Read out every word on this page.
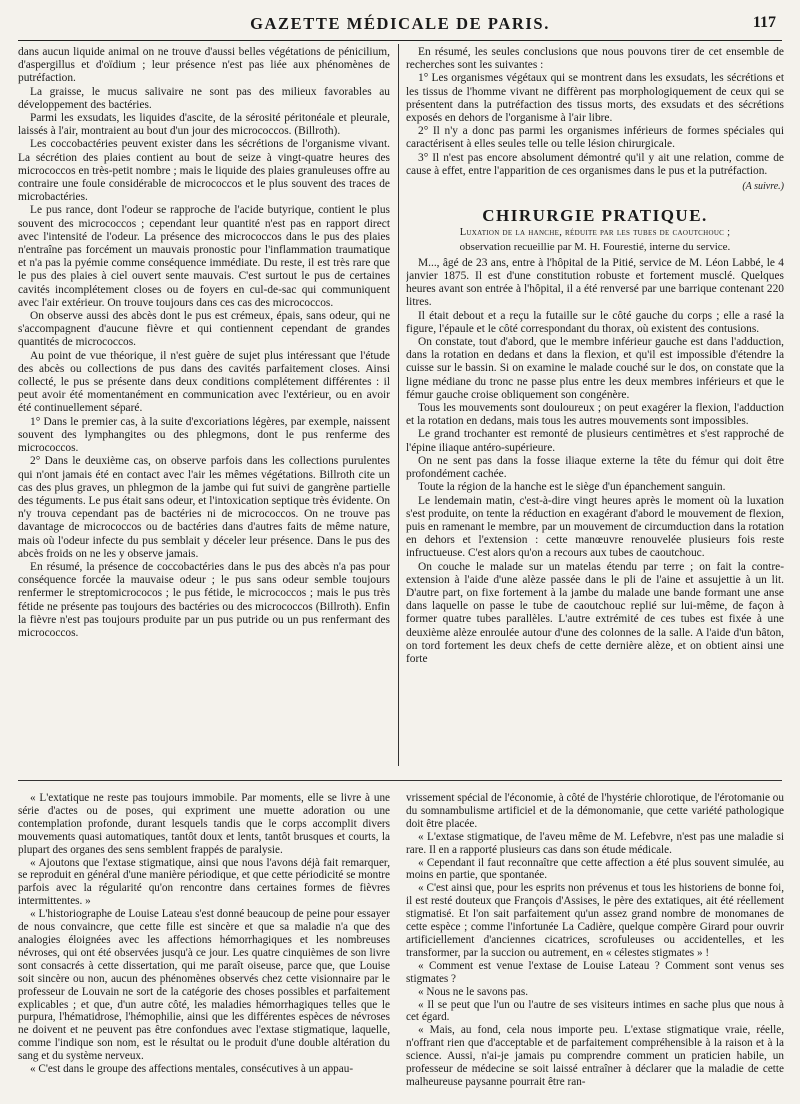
GAZETTE MÉDICALE DE PARIS.	117

dans aucun liquide animal on ne trouve d'aussi belles végétations de pénicilium, d'aspergillus et d'oïdium ; leur présence n'est pas liée aux phénomènes de putréfaction.

La graisse, le mucus salivaire ne sont pas des milieux favorables au développement des bactéries.

Parmi les exsudats, les liquides d'ascite, de la sérosité péritonéale et pleurale, laissés à l'air, montraient au bout d'un jour des micrococcos. (Billroth).

Les coccobactéries peuvent exister dans les sécrétions de l'organisme vivant. La sécrétion des plaies contient au bout de seize à vingt-quatre heures des micrococcos en très-petit nombre ; mais le liquide des plaies granuleuses offre au contraire une foule considérable de micrococcos et le plus souvent des traces de microbactéries.

Le pus rance, dont l'odeur se rapproche de l'acide butyrique, contient le plus souvent des micrococcos ; cependant leur quantité n'est pas en rapport direct avec l'intensité de l'odeur. La présence des micrococcos dans le pus des plaies n'entraîne pas forcément un mauvais pronostic pour l'inflammation traumatique et n'a pas la pyémie comme conséquence immédiate. Du reste, il est très rare que le pus des plaies à ciel ouvert sente mauvais. C'est surtout le pus de certaines cavités incomplétement closes ou de foyers en cul-de-sac qui communiquent avec l'air extérieur. On trouve toujours dans ces cas des micrococcos.

On observe aussi des abcès dont le pus est crémeux, épais, sans odeur, qui ne s'accompagnent d'aucune fièvre et qui contiennent cependant de grandes quantités de micrococcos.

Au point de vue théorique, il n'est guère de sujet plus intéressant que l'étude des abcès ou collections de pus dans des cavités parfaitement closes. Ainsi collecté, le pus se présente dans deux conditions complétement différentes : il peut avoir été momentanément en communication avec l'extérieur, ou en avoir été continuellement séparé.

1° Dans le premier cas, à la suite d'excoriations légères, par exemple, naissent souvent des lymphangites ou des phlegmons, dont le pus renferme des micrococcos.

2° Dans le deuxième cas, on observe parfois dans les collections purulentes qui n'ont jamais été en contact avec l'air les mêmes végétations. Billroth cite un cas des plus graves, un phlegmon de la jambe qui fut suivi de gangrène partielle des téguments. Le pus était sans odeur, et l'intoxication septique très évidente. On n'y trouva cependant pas de bactéries ni de micrococcos. On ne trouve pas davantage de micrococcos ou de bactéries dans d'autres faits de même nature, mais où l'odeur infecte du pus semblait y déceler leur présence. Dans le pus des abcès froids on ne les y observe jamais.

En résumé, la présence de coccobactéries dans le pus des abcès n'a pas pour conséquence forcée la mauvaise odeur ; le pus sans odeur semble toujours renfermer le streptomicrococos ; le pus fétide, le micrococcos ; mais le pus très fétide ne présente pas toujours des bactéries ou des micrococcos (Billroth). Enfin la fièvre n'est pas toujours produite par un pus putride ou un pus renfermant des micrococcos.

En résumé, les seules conclusions que nous pouvons tirer de cet ensemble de recherches sont les suivantes :

1° Les organismes végétaux qui se montrent dans les exsudats, les sécrétions et les tissus de l'homme vivant ne diffèrent pas morphologiquement de ceux qui se présentent dans la putréfaction des tissus morts, des exsudats et des sécrétions exposés en dehors de l'organisme à l'air libre.

2° Il n'y a donc pas parmi les organismes inférieurs de formes spéciales qui caractérisent à elles seules telle ou telle lésion chirurgicale.

3° Il n'est pas encore absolument démontré qu'il y ait une relation, comme de cause à effet, entre l'apparition de ces organismes dans le pus et la putréfaction.

(A suivre.)
CHIRURGIE PRATIQUE.
Luxation de la hanche, réduite par les tubes de caoutchouc ;
observation recueillie par M. H. Fourestié, interne du service.

M..., âgé de 23 ans, entre à l'hôpital de la Pitié, service de M. Léon Labbé, le 4 janvier 1875. Il est d'une constitution robuste et fortement musclé. Quelques heures avant son entrée à l'hôpital, il a été renversé par une barrique contenant 220 litres.

Il était debout et a reçu la futaille sur le côté gauche du corps ; elle a rasé la figure, l'épaule et le côté correspondant du thorax, où existent des contusions.

On constate, tout d'abord, que le membre inférieur gauche est dans l'adduction, dans la rotation en dedans et dans la flexion, et qu'il est impossible d'étendre la cuisse sur le bassin. Si on examine le malade couché sur le dos, on constate que la ligne médiane du tronc ne passe plus entre les deux membres inférieurs et que le fémur gauche croise obliquement son congénère.

Tous les mouvements sont douloureux ; on peut exagérer la flexion, l'adduction et la rotation en dedans, mais tous les autres mouvements sont impossibles.

Le grand trochanter est remonté de plusieurs centimètres et s'est rapproché de l'épine iliaque antéro-supérieure.

On ne sent pas dans la fosse iliaque externe la tête du fémur qui doit être profondément cachée.

Toute la région de la hanche est le siège d'un épanchement sanguin.

Le lendemain matin, c'est-à-dire vingt heures après le moment où la luxation s'est produite, on tente la réduction en exagérant d'abord le mouvement de flexion, puis en ramenant le membre, par un mouvement de circumduction dans la rotation en dehors et l'extension : cette manœuvre renouvelée plusieurs fois reste infructueuse. C'est alors qu'on a recours aux tubes de caoutchouc.

On couche le malade sur un matelas étendu par terre ; on fait la contre-extension à l'aide d'une alèze passée dans le pli de l'aine et assujettie à un lit. D'autre part, on fixe fortement à la jambe du malade une bande formant une anse dans laquelle on passe le tube de caoutchouc replié sur lui-même, de façon à former quatre tubes parallèles. L'autre extrémité de ces tubes est fixée à une deuxième alèze enroulée autour d'une des colonnes de la salle. A l'aide d'un bâton, on tord fortement les deux chefs de cette dernière alèze, et on obtient ainsi une forte

« L'extatique ne reste pas toujours immobile. Par moments, elle se livre à une série d'actes ou de poses, qui expriment une muette adoration ou une contemplation profonde, durant lesquels tandis que le corps accomplit divers mouvements quasi automatiques, tantôt doux et lents, tantôt brusques et courts, la plupart des organes des sens semblent frappés de paralysie.

« Ajoutons que l'extase stigmatique, ainsi que nous l'avons déjà fait remarquer, se reproduit en général d'une manière périodique, et que cette périodicité se montre parfois avec la régularité qu'on rencontre dans certaines formes de fièvres intermittentes. »

« L'historiographe de Louise Lateau s'est donné beaucoup de peine pour essayer de nous convaincre, que cette fille est sincère et que sa maladie n'a que des analogies éloignées avec les affections hémorrhagiques et les nombreuses névroses, qui ont été observées jusqu'à ce jour. Les quatre cinquièmes de son livre sont consacrés à cette dissertation, qui me paraît oiseuse, parce que, que Louise soit sincère ou non, aucun des phénomènes observés chez cette visionnaire par le professeur de Louvain ne sort de la catégorie des choses possibles et parfaitement explicables ; et que, d'un autre côté, les maladies hémorrhagiques telles que le purpura, l'hématidrose, l'hémophilie, ainsi que les différentes espèces de névroses ne doivent et ne peuvent pas être confondues avec l'extase stigmatique, laquelle, comme l'indique son nom, est le résultat ou le produit d'une double altération du sang et du système nerveux.

« C'est dans le groupe des affections mentales, consécutives à un appau-

vrissement spécial de l'économie, à côté de l'hystérie chlorotique, de l'érotomanie ou du somnambulisme artificiel et de la démonomanie, que cette variété pathologique doit être placée.

« L'extase stigmatique, de l'aveu même de M. Lefebvre, n'est pas une maladie si rare. Il en a rapporté plusieurs cas dans son étude médicale.

« Cependant il faut reconnaître que cette affection a été plus souvent simulée, au moins en partie, que spontanée.

« C'est ainsi que, pour les esprits non prévenus et tous les historiens de bonne foi, il est resté douteux que François d'Assises, le père des extatiques, ait été réellement stigmatisé. Et l'on sait parfaitement qu'un assez grand nombre de monomanes de cette espèce ; comme l'infortunée La Cadière, quelque compère Girard pour ouvrir artificiellement d'anciennes cicatrices, scrofuleuses ou accidentelles, et les transformer, par la succion ou autrement, en « célestes stigmates » !

« Comment est venue l'extase de Louise Lateau ? Comment sont venus ses stigmates ?

« Nous ne le savons pas.

« Il se peut que l'un ou l'autre de ses visiteurs intimes en sache plus que nous à cet égard.

« Mais, au fond, cela nous importe peu. L'extase stigmatique vraie, réelle, n'offrant rien que d'acceptable et de parfaitement compréhensible à la raison et à la science. Aussi, n'ai-je jamais pu comprendre comment un praticien habile, un professeur de médecine se soit laissé entraîner à déclarer que la maladie de cette malheureuse paysanne pourrait être ran-
